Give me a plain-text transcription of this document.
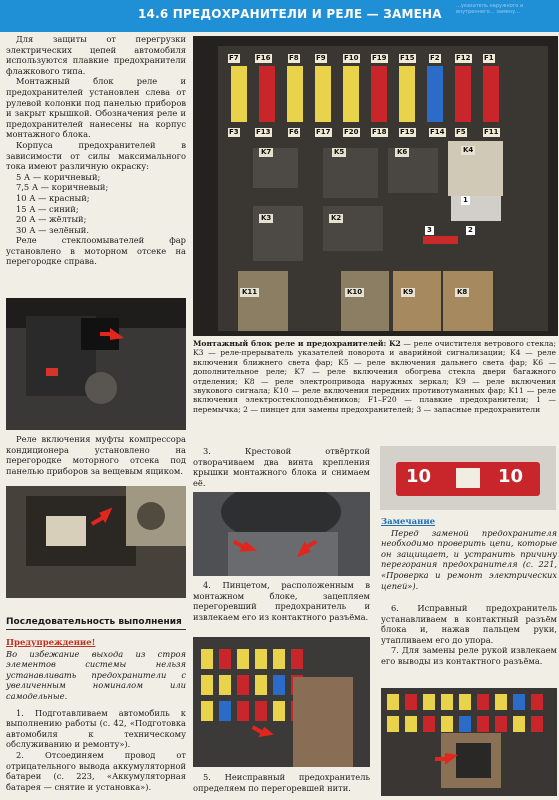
14.6 ПРЕДОХРАНИТЕЛИ И РЕЛЕ — ЗАМЕНА
…указатель наружного и внутреннего… замену…

Для защиты от перегрузки электрических цепей автомобиля используются плавкие предохранители флажкового типа.

Монтажный блок реле и предохранителей установлен слева от рулевой колонки под панелью приборов и закрыт крышкой. Обозначения реле и предохранителей нанесены на корпус монтажного блока.

Корпуса предохранителей в зависимости от силы максимального тока имеют различную окраску:

5 А — коричневый;

7,5 А — коричневый;

10 А — красный;

15 А — синий;

20 А — жёлтый;

30 А — зелёный.

Реле стеклоомывателей фар установлено в моторном отсеке на перегородке справа.

Реле включения муфты компрессора кондиционера установлено на перегородке моторного отсека под панелью приборов за вещевым ящиком.

Последовательность выполнения

Предупреждение!

Во избежание выхода из строя элементов системы нельзя устанавливать предохранители с увеличенным номиналом или самодельные.

1. Подготавливаем автомобиль к выполнению работы (с. 42, «Подготовка автомобиля к техническому обслуживанию и ремонту»).

2. Отсоединяем провод от отрицательного вывода аккумуляторной батареи (с. 223, «Аккумуляторная батарея — снятие и установка»).

F7 F16	F8 F9	F10 F19 F15 F2 F12 F1
F3 F13	F6 F17 F20 F18 F19 F14 F5	F11
K7	K5	K6	K4
K3	K2
K11	K10	K9	K8
1
2
3
Монтажный блок реле и предохранителей: K2 — реле очистителя ветрового стекла; K3 — реле-прерыватель указателей поворота и аварийной сигнализации; K4 — реле включения ближнего света фар; K5 — реле включения дальнего света фар; K6 — дополнительное реле; K7 — реле включения обогрева стекла двери багажного отделения; K8 — реле электропривода наружных зеркал; K9 — реле включения звукового сигнала; K10 — реле включения передних противотуманных фар; K11 — реле включения электростеклоподъёмников; F1–F20 — плавкие предохранители; 1 — перемычка; 2 — пинцет для замены предохранителей; 3 — запасные предохранители

3. Крестовой отвёрткой отворачиваем два винта крепления крышки монтажного блока и снимаем её.	10	10

Замечание

Перед заменой предохранителя необходимо проверить цепи, которые он защищает, и устранить причину перегорания предохранителя (с. 221, «Проверка и ремонт электрических цепей»).

4. Пинцетом, расположенным в монтажном блоке, зацепляем перегоревший предохранитель и извлекаем его из контактного разъёма.

5. Неисправный предохранитель определяем по перегоревшей нити.

6. Исправный предохранитель устанавливаем в контактный разъём блока и, нажав пальцем руки, утапливаем его до упора.

7. Для замены реле рукой извлекаем его выводы из контактного разъёма.
